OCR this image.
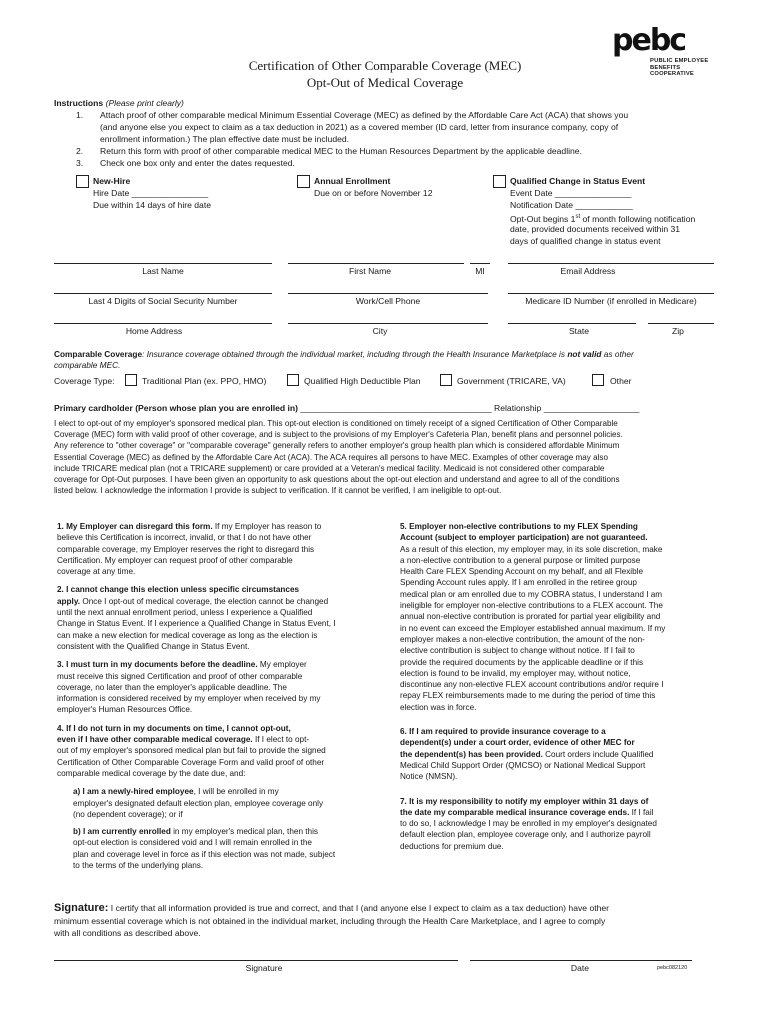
pebc
PUBLIC EMPLOYEE
BENEFITS COOPERATIVE
Certification of Other Comparable Coverage (MEC)
Opt-Out of Medical Coverage
Instructions (Please print clearly)
1. Attach proof of other comparable medical Minimum Essential Coverage (MEC) as defined by the Affordable Care Act (ACA) that shows you
(and anyone else you expect to claim as a tax deduction in 2021) as a covered member (ID card, letter from insurance company, copy of
enrollment information.) The plan effective date must be included.
2. Return this form with proof of other comparable medical MEC to the Human Resources Department by the applicable deadline.
3. Check one box only and enter the dates requested.
New-Hire
Hire Date ________________
Due within 14 days of hire date
Annual Enrollment
Due on or before November 12
Qualified Change in Status Event
Event Date ________________
Notification Date ____________
Opt-Out begins 1st of month following notification
date, provided documents received within 31
days of qualified change in status event
Last Name	First Name	MI	Email Address
Last 4 Digits of Social Security Number	Work/Cell Phone	Medicare ID Number (if enrolled in Medicare)
Home Address	City	State	Zip
Comparable Coverage: Insurance coverage obtained through the individual market, including through the Health Insurance Marketplace is not valid as other
comparable MEC.
Coverage Type:	Traditional Plan (ex. PPO, HMO)	Qualified High Deductible Plan	Government (TRICARE, VA)	Other
Primary cardholder (Person whose plan you are enrolled in) ________________________________________ Relationship ____________________
I elect to opt-out of my employer's sponsored medical plan. This opt-out election is conditioned on timely receipt of a signed Certification of Other Comparable
Coverage (MEC) form with valid proof of other coverage, and is subject to the provisions of my Employer's Cafeteria Plan, benefit plans and personnel policies.
Any reference to "other coverage" or "comparable coverage" generally refers to another employer's group health plan which is considered affordable Minimum
Essential Coverage (MEC) as defined by the Affordable Care Act (ACA). The ACA requires all persons to have MEC. Examples of other coverage may also
include TRICARE medical plan (not a TRICARE supplement) or care provided at a Veteran's medical facility. Medicaid is not considered other comparable
coverage for Opt-Out purposes. I have been given an opportunity to ask questions about the opt-out election and understand and agree to all of the conditions
listed below. I acknowledge the information I provide is subject to verification. If it cannot be verified, I am ineligible to opt-out.
1. My Employer can disregard this form. If my Employer has reason to
believe this Certification is incorrect, invalid, or that I do not have other
comparable coverage, my Employer reserves the right to disregard this
Certification. My employer can request proof of other comparable
coverage at any time.
2. I cannot change this election unless specific circumstances
apply. Once I opt-out of medical coverage, the election cannot be changed
until the next annual enrollment period, unless I experience a Qualified
Change in Status Event. If I experience a Qualified Change in Status Event, I
can make a new election for medical coverage as long as the election is
consistent with the Qualified Change in Status Event.
3. I must turn in my documents before the deadline. My employer
must receive this signed Certification and proof of other comparable
coverage, no later than the employer's applicable deadline. The
information is considered received by my employer when received by my
employer's Human Resources Office.
4. If I do not turn in my documents on time, I cannot opt-out,
even if I have other comparable medical coverage. If I elect to opt-
out of my employer's sponsored medical plan but fail to provide the signed
Certification of Other Comparable Coverage Form and valid proof of other
comparable medical coverage by the date due, and:
a) I am a newly-hired employee, I will be enrolled in my
employer's designated default election plan, employee coverage only
(no dependent coverage); or if
b) I am currently enrolled in my employer's medical plan, then this
opt-out election is considered void and I will remain enrolled in the
plan and coverage level in force as if this election was not made, subject
to the terms of the underlying plans.
5. Employer non-elective contributions to my FLEX Spending
Account (subject to employer participation) are not guaranteed.
As a result of this election, my employer may, in its sole discretion, make
a non-elective contribution to a general purpose or limited purpose
Health Care FLEX Spending Account on my behalf, and all Flexible
Spending Account rules apply. If I am enrolled in the retiree group
medical plan or am enrolled due to my COBRA status, I understand I am
ineligible for employer non-elective contributions to a FLEX account. The
annual non-elective contribution is prorated for partial year eligibility and
in no event can exceed the Employer established annual maximum. If my
employer makes a non-elective contribution, the amount of the non-
elective contribution is subject to change without notice. If I fail to
provide the required documents by the applicable deadline or if this
election is found to be invalid, my employer may, without notice,
discontinue any non-elective FLEX account contributions and/or require I
repay FLEX reimbursements made to me during the period of time this
election was in force.
6. If I am required to provide insurance coverage to a
dependent(s) under a court order, evidence of other MEC for
the dependent(s) has been provided. Court orders include Qualified
Medical Child Support Order (QMCSO) or National Medical Support
Notice (NMSN).
7. It is my responsibility to notify my employer within 31 days of
the date my comparable medical insurance coverage ends. If I fail
to do so, I acknowledge I may be enrolled in my employer's designated
default election plan, employee coverage only, and I authorize payroll
deductions for premium due.
Signature: I certify that all information provided is true and correct, and that I (and anyone else I expect to claim as a tax deduction) have other
minimum essential coverage which is not obtained in the individual market, including through the Health Care Marketplace, and I agree to comply
with all conditions as described above.
Signature	Date	pebc082120
